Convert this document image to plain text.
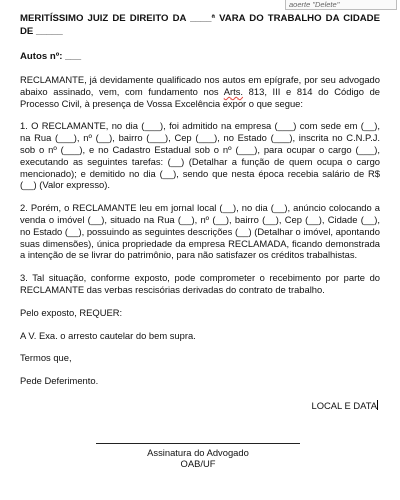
aoerte "Delete"

MERITÍSSIMO JUIZ DE DIREITO DA ____ª VARA DO TRABALHO DA CIDADE DE _____

Autos nº: ___

RECLAMANTE, já devidamente qualificado nos autos em epígrafe, por seu advogado abaixo assinado, vem, com fundamento nos Arts. 813, III e 814 do Código de Processo Civil, à presença de Vossa Excelência expor o que segue:

1. O RECLAMANTE, no dia (___), foi admitido na empresa (___) com sede em (__), na Rua (___), nº (__), bairro (___), Cep (___), no Estado (___), inscrita no C.N.P.J. sob o nº (___), e no Cadastro Estadual sob o nº (___), para ocupar o cargo (___), executando as seguintes tarefas: (__) (Detalhar a função de quem ocupa o cargo mencionado); e demitido no dia (__), sendo que nesta época recebia salário de R$ (__) (Valor expresso).

2. Porém, o RECLAMANTE leu em jornal local (__), no dia (__), anúncio colocando a venda o imóvel (__), situado na Rua (__), nº (__), bairro (__), Cep (__), Cidade (__), no Estado (__), possuindo as seguintes descrições (__) (Detalhar o imóvel, apontando suas dimensões), única propriedade da empresa RECLAMADA, ficando demonstrada a intenção de se livrar do patrimônio, para não satisfazer os créditos trabalhistas.

3. Tal situação, conforme exposto, pode comprometer o recebimento por parte do RECLAMANTE das verbas rescisórias derivadas do contrato de trabalho.

Pelo exposto, REQUER:

A V. Exa. o arresto cautelar do bem supra.

Termos que,

Pede Deferimento.

LOCAL E DATA
Assinatura do Advogado
OAB/UF
